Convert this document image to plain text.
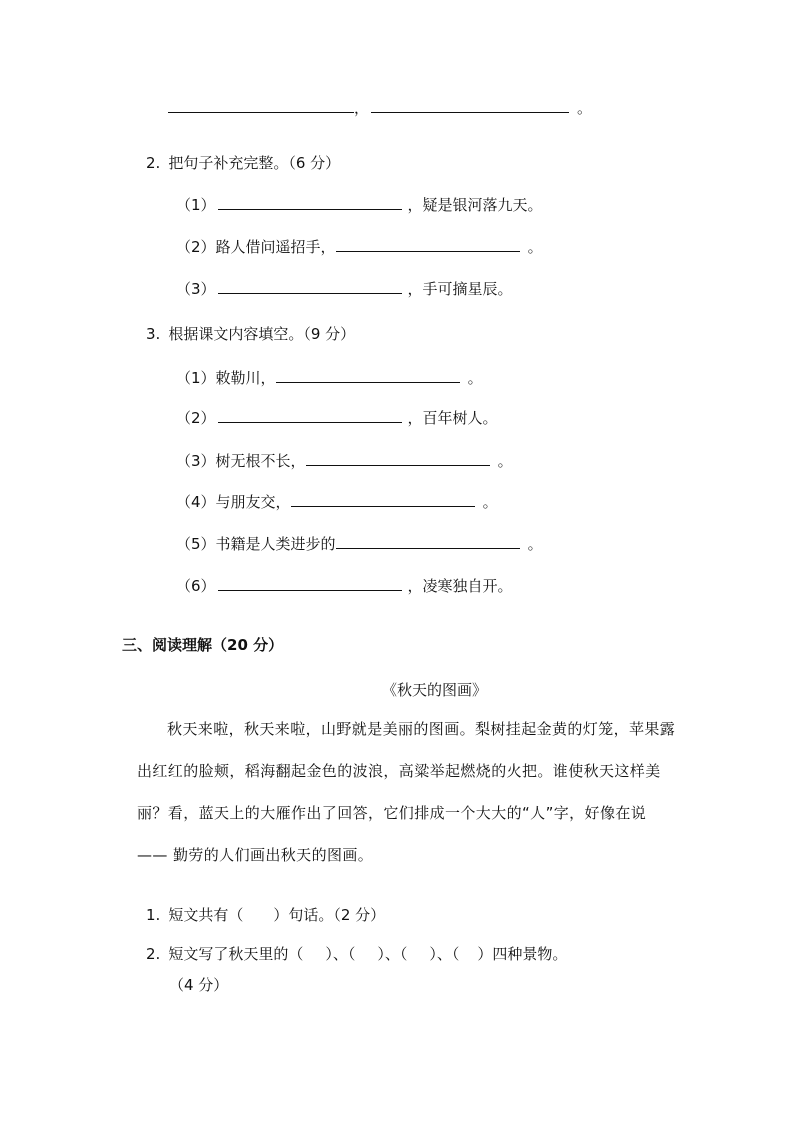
，	。
2. 把句子补充完整。（6 分）
（1）	，疑是银河落九天。
（2）路人借问遥招手，	。
（3）	，手可摘星辰。
3. 根据课文内容填空。（9 分）
（1）敕勒川，	。
（2）	，百年树人。
（3）树无根不长，	。
（4）与朋友交，	。
（5）书籍是人类进步的	。
（6）	，凌寒独自开。
三、阅读理解（20 分）
《秋天的图画》
秋天来啦，秋天来啦，山野就是美丽的图画。梨树挂起金黄的灯笼，苹果露出红红的脸颊，稻海翻起金色的波浪，高粱举起燃烧的火把。谁使秋天这样美丽？看，蓝天上的大雁作出了回答，它们排成一个大大的“人”字，好像在说 —— 勤劳的人们画出秋天的图画。
1. 短文共有（ ）句话。（2 分）
2. 短文写了秋天里的（ ）、（ ）、（ ）、（ ）四种景物。
（4 分）
